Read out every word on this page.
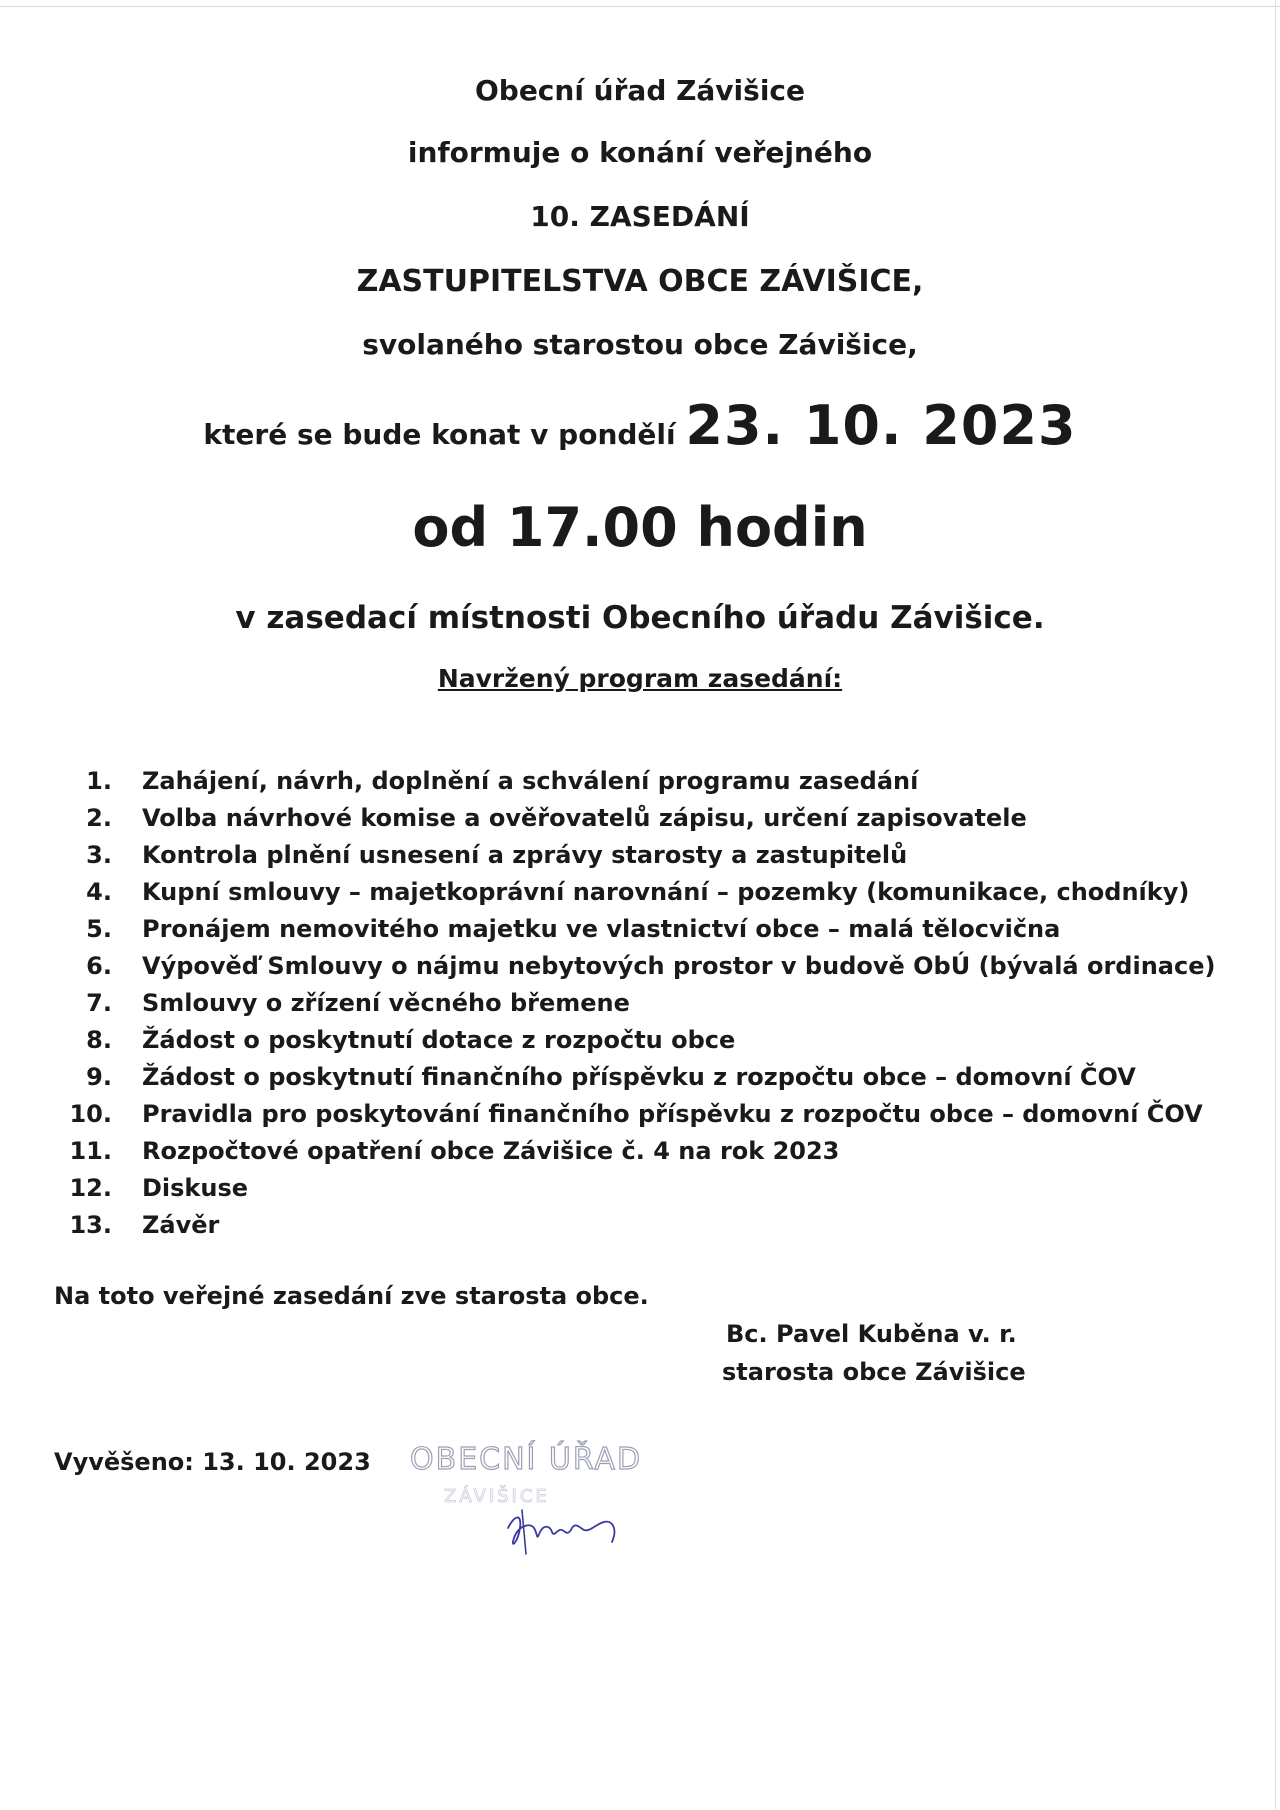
Obecní úřad Závišice
informuje o konání veřejného
10. ZASEDÁNÍ
ZASTUPITELSTVA OBCE ZÁVIŠICE,
svolaného starostou obce Závišice,
které se bude konat v pondělí 23. 10. 2023
od 17.00 hodin
v zasedací místnosti Obecního úřadu Závišice.
Navržený program zasedání:
1.	Zahájení, návrh, doplnění a schválení programu zasedání
2.	Volba návrhové komise a ověřovatelů zápisu, určení zapisovatele
3.	Kontrola plnění usnesení a zprávy starosty a zastupitelů
4.	Kupní smlouvy – majetkoprávní narovnání – pozemky (komunikace, chodníky)
5.	Pronájem nemovitého majetku ve vlastnictví obce – malá tělocvična
6.	Výpověď Smlouvy o nájmu nebytových prostor v budově ObÚ (bývalá ordinace)
7.	Smlouvy o zřízení věcného břemene
8.	Žádost o poskytnutí dotace z rozpočtu obce
9.	Žádost o poskytnutí finančního příspěvku z rozpočtu obce – domovní ČOV
10.	Pravidla pro poskytování finančního příspěvku z rozpočtu obce – domovní ČOV
11.	Rozpočtové opatření obce Závišice č. 4 na rok 2023
12.	Diskuse
13.	Závěr
Na toto veřejné zasedání zve starosta obce.
Bc. Pavel Kuběna v. r.
starosta obce Závišice
Vyvěšeno: 13. 10. 2023 OBECNÍ ÚŘAD
ZÁVIŠICE
